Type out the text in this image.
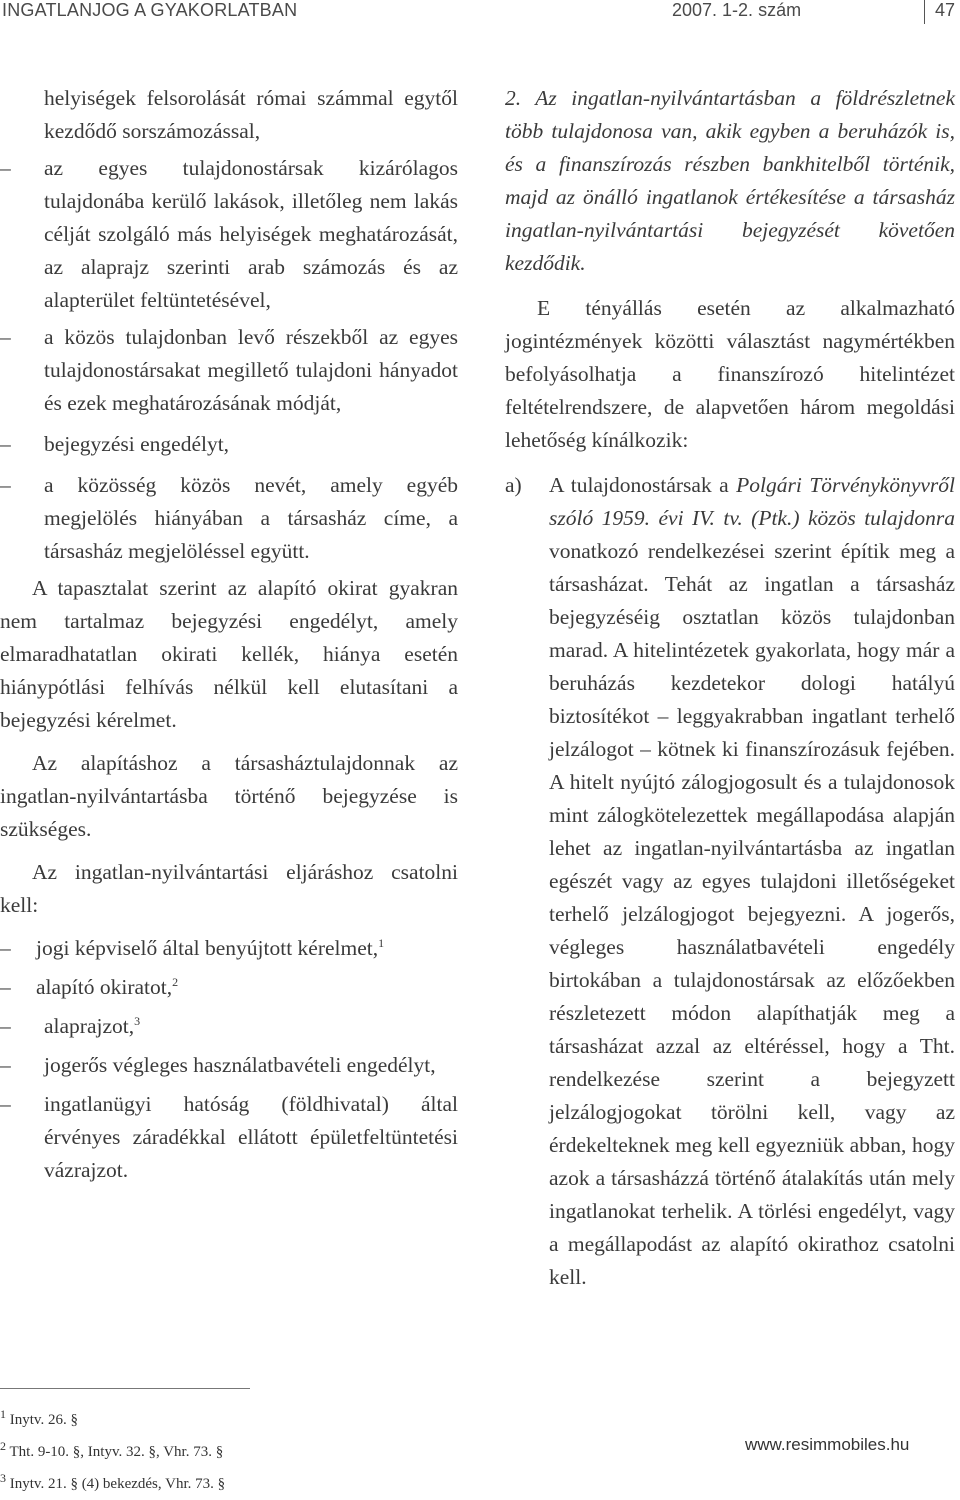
INGATLANJOG A GYAKORLATBAN	2007. 1-2. szám	47
helyiségek felsorolását római számmal egytől kezdődő sorszámozással,
– az egyes tulajdonostársak kizárólagos tulajdonába kerülő lakások, illetőleg nem lakás célját szolgáló más helyiségek meghatározását, az alaprajz szerinti arab számozás és az alapterület feltüntetésével,
– a közös tulajdonban levő részekből az egyes tulajdonostársakat megillető tulajdoni hányadot és ezek meghatározásának módját,
– bejegyzési engedélyt,
– a közösség közös nevét, amely egyéb megjelölés hiányában a társasház címe, a társasház megjelöléssel együtt.

A tapasztalat szerint az alapító okirat gyakran nem tartalmaz bejegyzési engedélyt, amely elmaradhatatlan okirati kellék, hiánya esetén hiánypótlási felhívás nélkül kell elutasítani a bejegyzési kérelmet.

Az alapításhoz a társasháztulajdonnak az ingatlan-nyilvántartásba történő bejegyzése is szükséges.

Az ingatlan-nyilvántartási eljáráshoz csatolni kell:

– jogi képviselő által benyújtott kérelmet,$^1$
– alapító okiratot,$^2$
– alaprajzot,$^3$
– jogerős végleges használatbavételi engedélyt,
– ingatlanügyi hatóság (földhivatal) által érvényes záradékkal ellátott épületfeltüntetési vázrajzot.

2. Az ingatlan-nyilvántartásban a földrészletnek több tulajdonosa van, akik egyben a beruházók is, és a finanszírozás részben bankhitelből történik, majd az önálló ingatlanok értékesítése a társasház ingatlan-nyilvántartási bejegyzését követően kezdődik.

E tényállás esetén az alkalmazható jogintézmények közötti választást nagymértékben befolyásolhatja a finanszírozó hitelintézet feltételrendszere, de alapvetően három megoldási lehetőség kínálkozik:

a) A tulajdonostársak a Polgári Törvénykönyvről szóló 1959. évi IV. tv. (Ptk.) közös tulajdonra vonatkozó rendelkezései szerint építik meg a társasházat. Tehát az ingatlan a társasház bejegyzéséig osztatlan közös tulajdonban marad. A hitelintézetek gyakorlata, hogy már a beruházás kezdetekor dologi hatályú biztosítékot – leggyakrabban ingatlant terhelő jelzálogot – kötnek ki finanszírozásuk fejében. A hitelt nyújtó zálogjogosult és a tulajdonosok mint zálogkötelezettek megállapodása alapján lehet az ingatlan-nyilvántartásba az ingatlan egészét vagy az egyes tulajdoni illetőségeket terhelő jelzálogjogot bejegyezni. A jogerős, végleges használatbavételi engedély birtokában a tulajdonostársak az előzőekben részletezett módon alapíthatják meg a társasházat azzal az eltéréssel, hogy a Tht. rendelkezése szerint a bejegyzett jelzálogjogokat törölni kell, vagy az érdekelteknek meg kell egyezniük abban, hogy azok a társasházzá történő átalakítás után mely ingatlanokat terhelik. A törlési engedélyt, vagy a megállapodást az alapító okirathoz csatolni kell.
$^1$ Inytv. 26. §
$^2$ Tht. 9-10. §, Intyv. 32. §, Vhr. 73. §
$^3$ Inytv. 21. § (4) bekezdés, Vhr. 73. §
www.resimmobiles.hu
